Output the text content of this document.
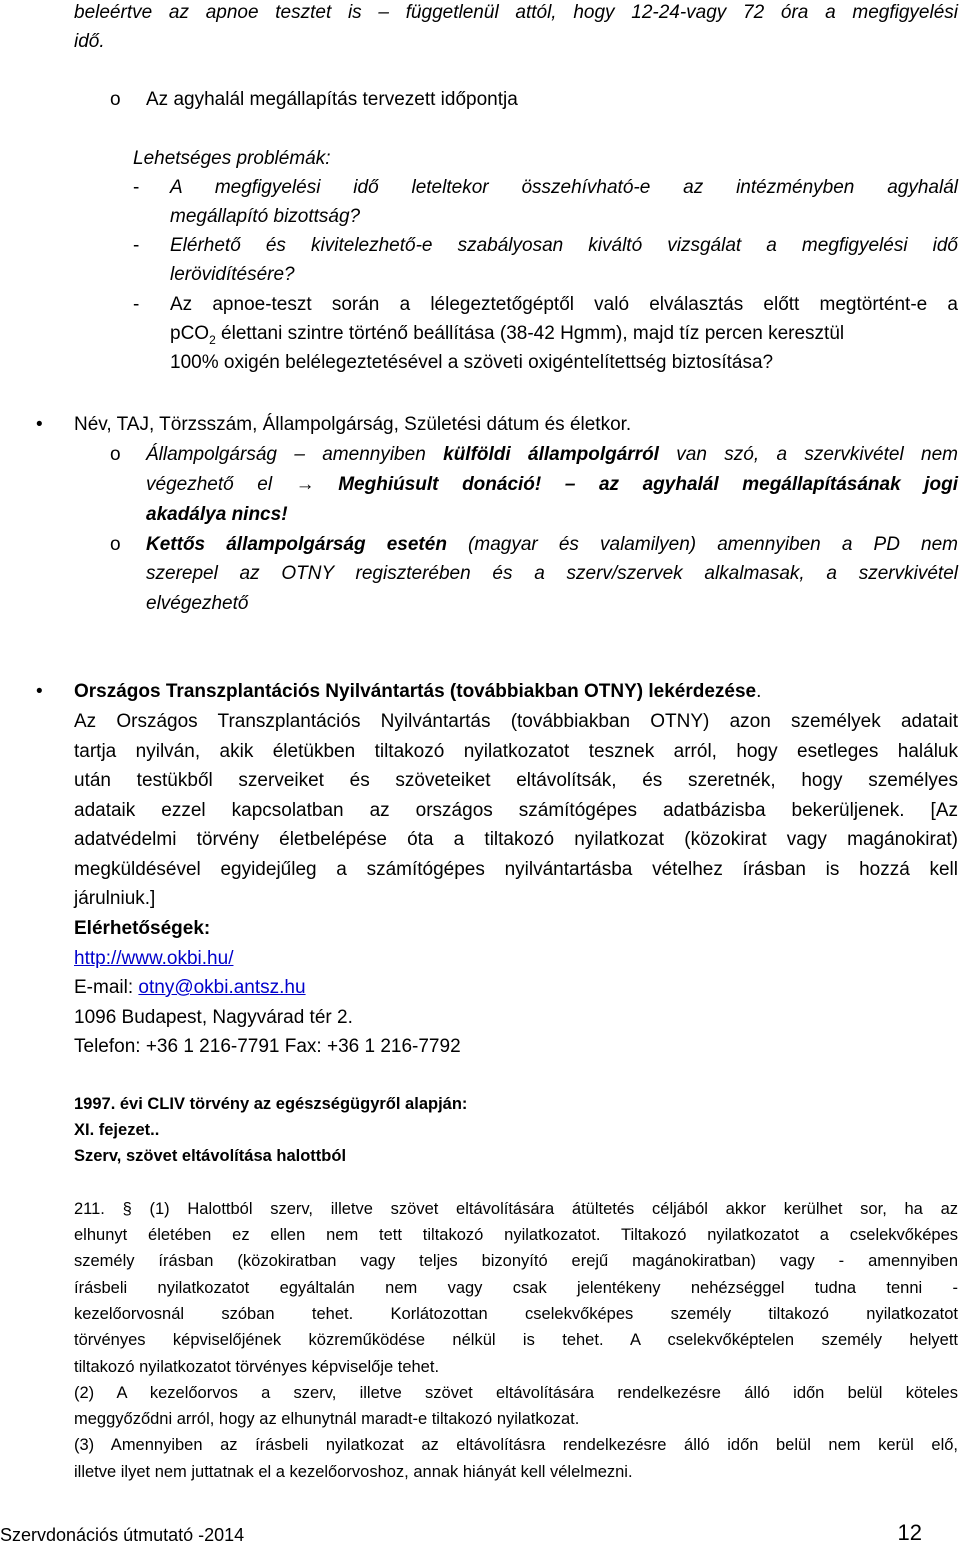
beleértve az apnoe tesztet is – függetlenül attól, hogy 12-24-vagy 72 óra a megfigyelési
idő.
o Az agyhalál megállapítás tervezett időpontja
Lehetséges problémák:
- A megfigyelési idő leteltekor összehívható-e az intézményben agyhalál
megállapító bizottság?
- Elérhető és kivitelezhető-e szabályosan kiváltó vizsgálat a megfigyelési idő
lerövidítésére?
- Az apnoe-teszt során a lélegeztetőgéptől való elválasztás előtt megtörtént-e a
pCO$_2$ élettani szintre történő beállítása (38-42 Hgmm), majd tíz percen keresztül
100% oxigén belélegeztetésével a szöveti oxigéntelítettség biztosítása?
• Név, TAJ, Törzsszám, Állampolgárság, Születési dátum és életkor.
o Állampolgárság – amennyiben külföldi állampolgárról van szó, a szervkivétel nem
végezhető el → Meghiúsult donáció! – az agyhalál megállapításának jogi
akadálya nincs!
o Kettős állampolgárság esetén (magyar és valamilyen) amennyiben a PD nem
szerepel az OTNY regiszterében és a szerv/szervek alkalmasak, a szervkivétel
elvégezhető
• Országos Transzplantációs Nyilvántartás (továbbiakban OTNY) lekérdezése.
Az Országos Transzplantációs Nyilvántartás (továbbiakban OTNY) azon személyek adatait
tartja nyilván, akik életükben tiltakozó nyilatkozatot tesznek arról, hogy esetleges haláluk
után testükből szerveiket és szöveteiket eltávolítsák, és szeretnék, hogy személyes
adataik ezzel kapcsolatban az országos számítógépes adatbázisba bekerüljenek. [Az
adatvédelmi törvény életbelépése óta a tiltakozó nyilatkozat (közokirat vagy magánokirat)
megküldésével egyidejűleg a számítógépes nyilvántartásba vételhez írásban is hozzá kell
járulniuk.]
Elérhetőségek:
http://www.okbi.hu/
E-mail: otny@okbi.antsz.hu
1096 Budapest, Nagyvárad tér 2.
Telefon: +36 1 216-7791 Fax: +36 1 216-7792
1997. évi CLIV törvény az egészségügyről alapján:
XI. fejezet..
Szerv, szövet eltávolítása halottból
211. § (1) Halottból szerv, illetve szövet eltávolítására átültetés céljából akkor kerülhet sor, ha az
elhunyt életében ez ellen nem tett tiltakozó nyilatkozatot. Tiltakozó nyilatkozatot a cselekvőképes
személy írásban (közokiratban vagy teljes bizonyító erejű magánokiratban) vagy - amennyiben
írásbeli nyilatkozatot egyáltalán nem vagy csak jelentékeny nehézséggel tudna tenni -
kezelőorvosnál szóban tehet. Korlátozottan cselekvőképes személy tiltakozó nyilatkozatot
törvényes képviselőjének közreműködése nélkül is tehet. A cselekvőképtelen személy helyett
tiltakozó nyilatkozatot törvényes képviselője tehet.
(2) A kezelőorvos a szerv, illetve szövet eltávolítására rendelkezésre álló időn belül köteles
meggyőződni arról, hogy az elhunytnál maradt-e tiltakozó nyilatkozat.
(3) Amennyiben az írásbeli nyilatkozat az eltávolításra rendelkezésre álló időn belül nem kerül elő,
illetve ilyet nem juttatnak el a kezelőorvoshoz, annak hiányát kell vélelmezni.
Szervdonációs útmutató -2014	12
